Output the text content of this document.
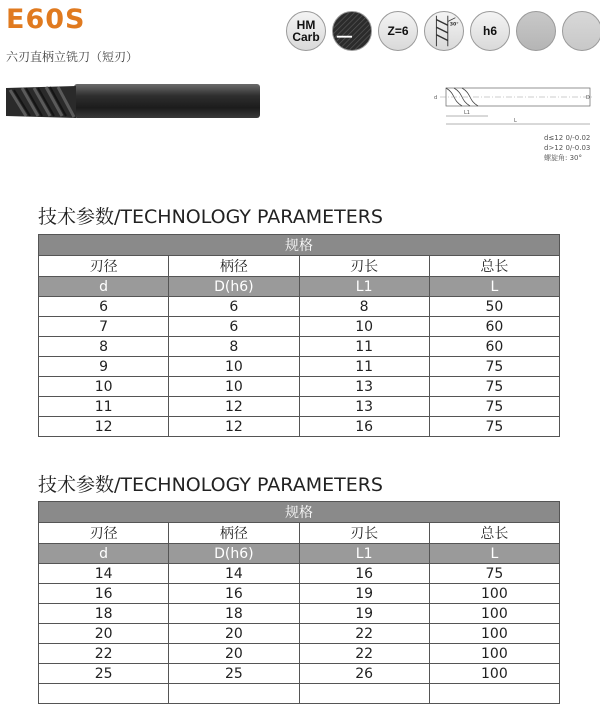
E60S
六刃直柄立铣刀（短刃）
HM
Carb	Z=6	30° h6
d	D
L1
L
d≤12 0/-0.02
d>12 0/-0.03
螺旋角: 30°
技术参数/TECHNOLOGY PARAMETERS
规格			
刃径	柄径	刃长	总长
d	D(h6)	L1	L
6	6	8	50
7	6	10	60
8	8	11	60
9	10	11	75
10	10	13	75
11	12	13	75
12	12	16	75
技术参数/TECHNOLOGY PARAMETERS
规格			
刃径	柄径	刃长	总长
d	D(h6)	L1	L
14	14	16	75
16	16	19	100
18	18	19	100
20	20	22	100
22	20	22	100
25	25	26	100
